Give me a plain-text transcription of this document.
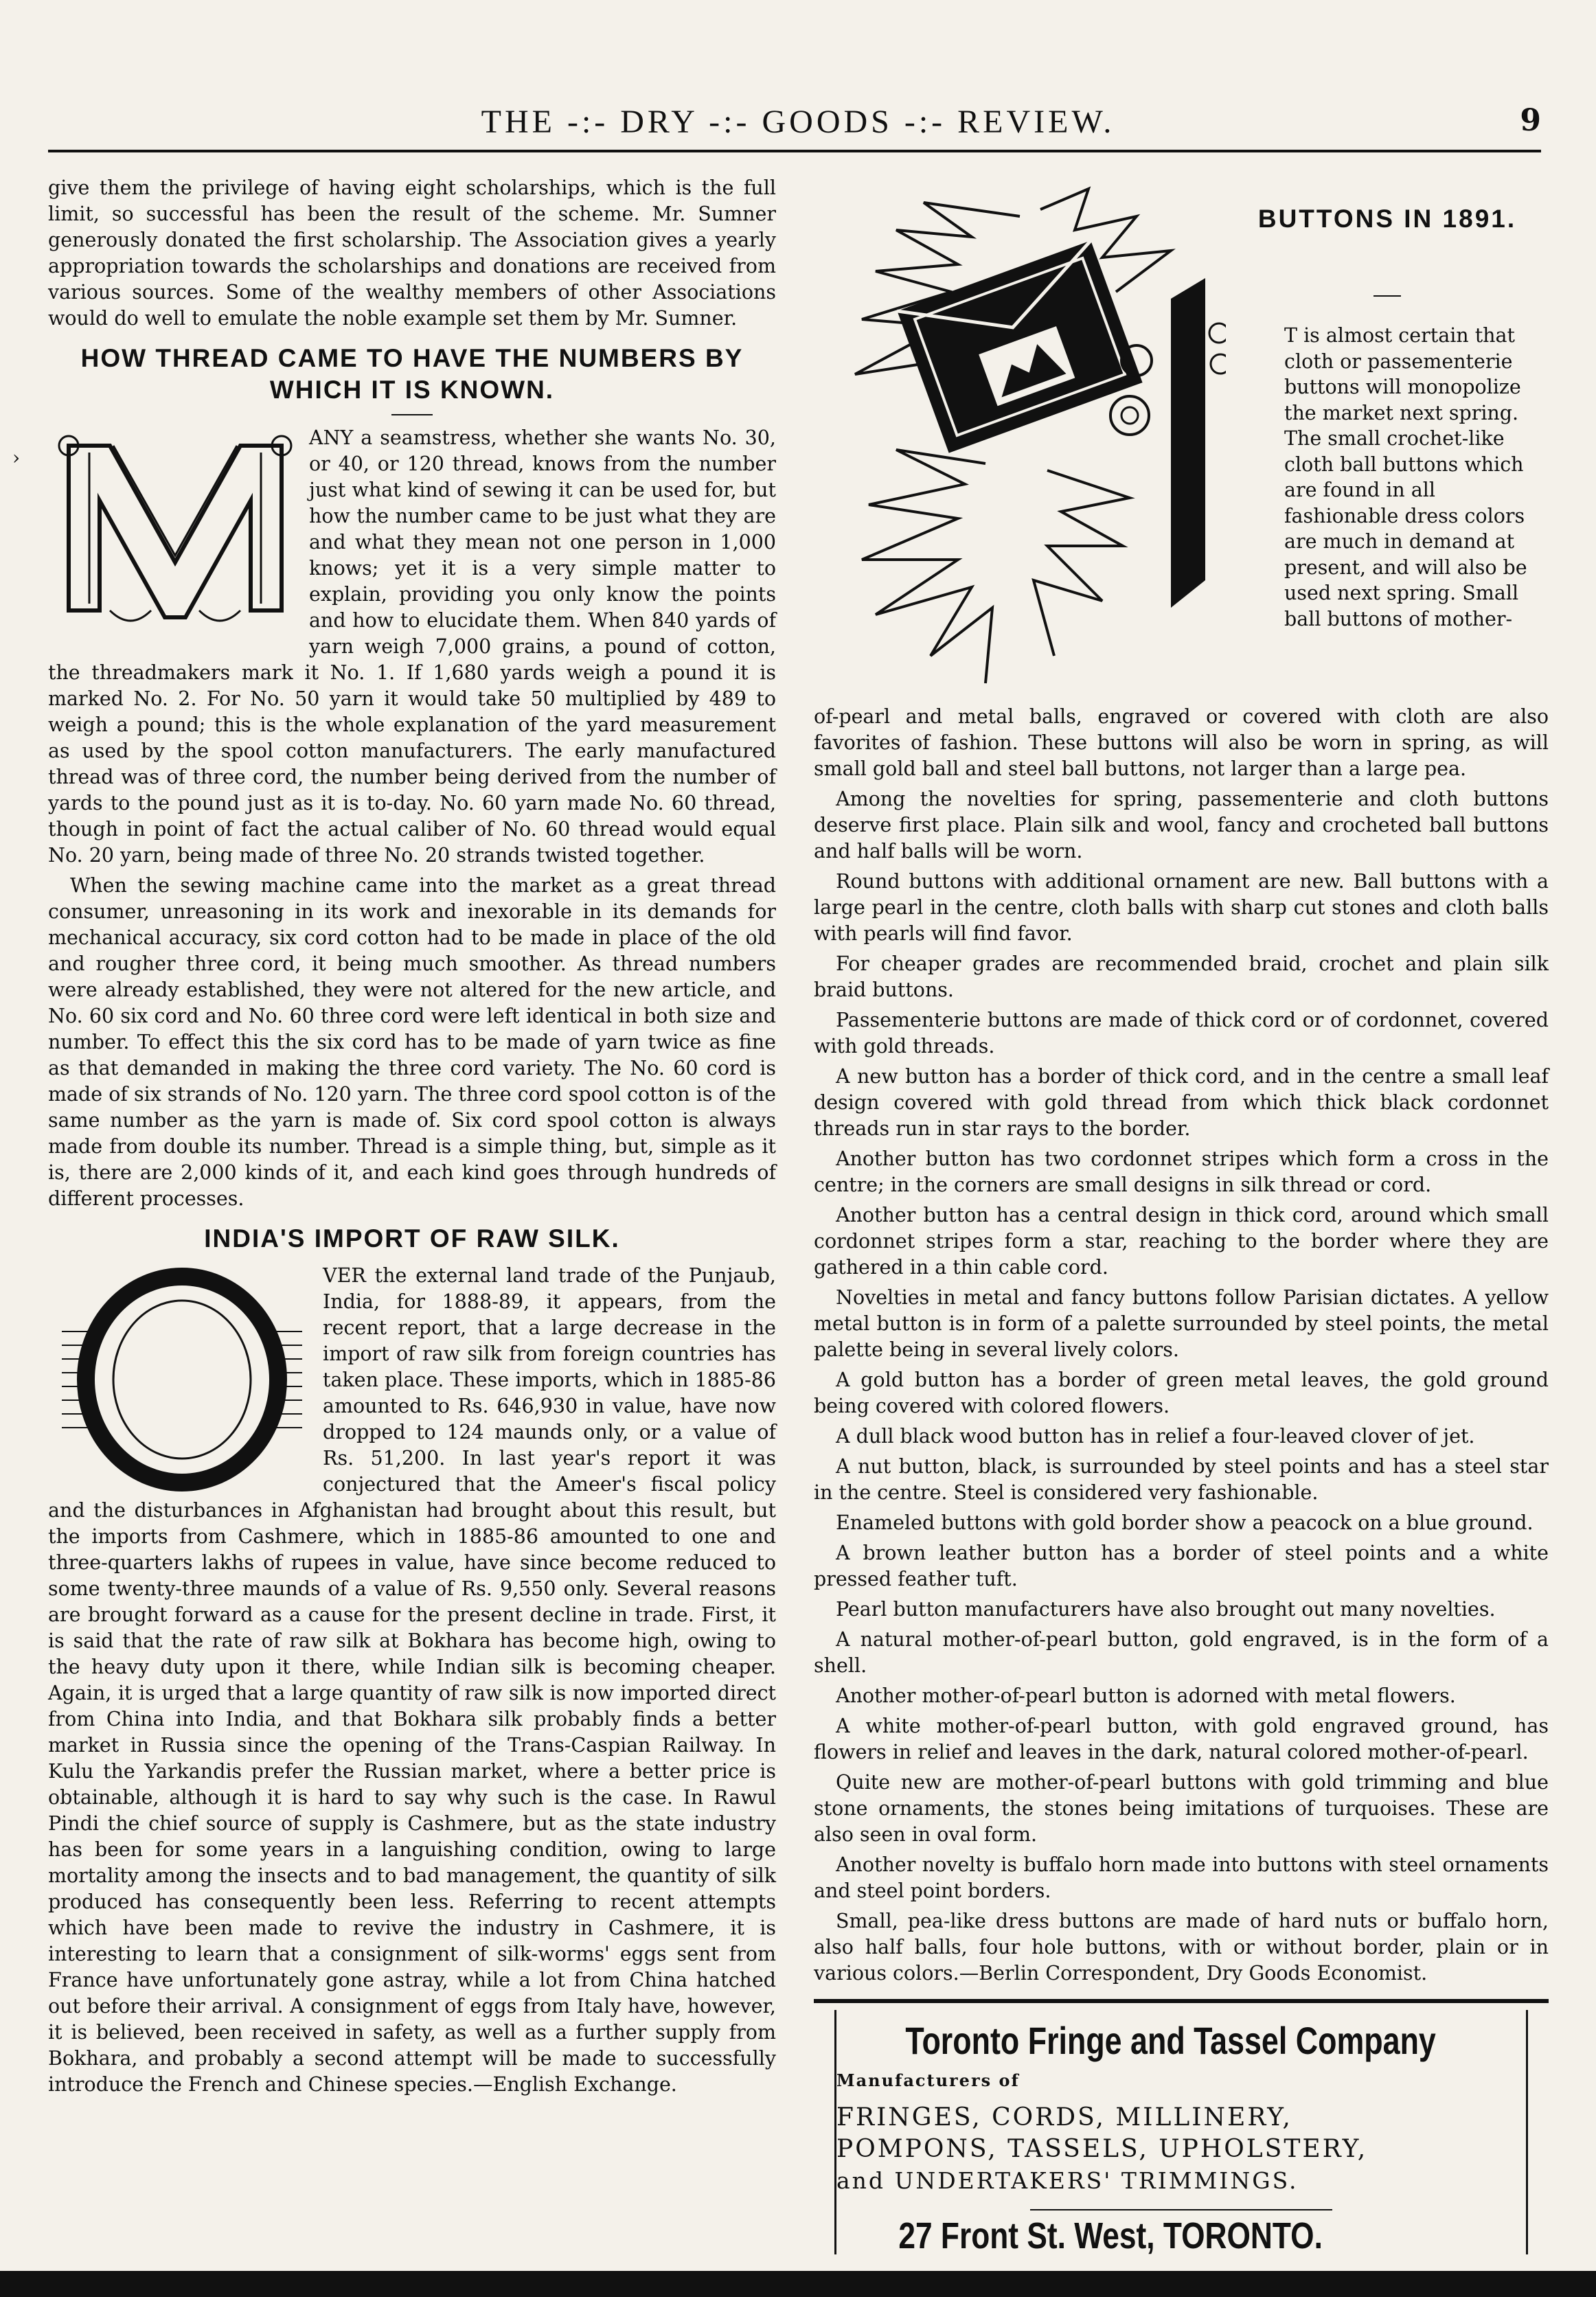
THE -:- DRY -:- GOODS -:- REVIEW.	9
›

give them the privilege of having eight scholarships, which is the full limit, so successful has been the result of the scheme. Mr. Sumner generously donated the first scholarship. The Association gives a yearly appropriation towards the scholarships and donations are received from various sources. Some of the wealthy members of other Associations would do well to emulate the noble example set them by Mr. Sumner.

HOW THREAD CAME TO HAVE THE NUMBERS BY WHICH IT IS KNOWN.

ANY a seamstress, whether she wants No. 30, or 40, or 120 thread, knows from the number just what kind of sewing it can be used for, but how the number came to be just what they are and what they mean not one person in 1,000 knows; yet it is a very simple matter to explain, providing you only know the points and how to elucidate them. When 840 yards of yarn weigh 7,000 grains, a pound of cotton, the threadmakers mark it No. 1. If 1,680 yards weigh a pound it is marked No. 2. For No. 50 yarn it would take 50 multiplied by 489 to weigh a pound; this is the whole explanation of the yard measurement as used by the spool cotton manufacturers. The early manufactured thread was of three cord, the number being derived from the number of yards to the pound just as it is to-day. No. 60 yarn made No. 60 thread, though in point of fact the actual caliber of No. 60 thread would equal No. 20 yarn, being made of three No. 20 strands twisted together.

When the sewing machine came into the market as a great thread consumer, unreasoning in its work and inexorable in its demands for mechanical accuracy, six cord cotton had to be made in place of the old and rougher three cord, it being much smoother. As thread numbers were already established, they were not altered for the new article, and No. 60 six cord and No. 60 three cord were left identical in both size and number. To effect this the six cord has to be made of yarn twice as fine as that demanded in making the three cord variety. The No. 60 cord is made of six strands of No. 120 yarn. The three cord spool cotton is of the same number as the yarn is made of. Six cord spool cotton is always made from double its number. Thread is a simple thing, but, simple as it is, there are 2,000 kinds of it, and each kind goes through hundreds of different processes.

INDIA'S IMPORT OF RAW SILK.

VER the external land trade of the Punjaub, India, for 1888-89, it appears, from the recent report, that a large decrease in the import of raw silk from foreign countries has taken place. These imports, which in 1885-86 amounted to Rs. 646,930 in value, have now dropped to 124 maunds only, or a value of Rs. 51,200. In last year's report it was conjectured that the Ameer's fiscal policy and the disturbances in Afghanistan had brought about this result, but the imports from Cashmere, which in 1885-86 amounted to one and three-quarters lakhs of rupees in value, have since become reduced to some twenty-three maunds of a value of Rs. 9,550 only. Several reasons are brought forward as a cause for the present decline in trade. First, it is said that the rate of raw silk at Bokhara has become high, owing to the heavy duty upon it there, while Indian silk is becoming cheaper. Again, it is urged that a large quantity of raw silk is now imported direct from China into India, and that Bokhara silk probably finds a better market in Russia since the opening of the Trans-Caspian Railway. In Kulu the Yarkandis prefer the Russian market, where a better price is obtainable, although it is hard to say why such is the case. In Rawul Pindi the chief source of supply is Cashmere, but as the state industry has been for some years in a languishing condition, owing to large mortality among the insects and to bad management, the quantity of silk produced has consequently been less. Referring to recent attempts which have been made to revive the industry in Cashmere, it is interesting to learn that a consignment of silk-worms' eggs sent from France have unfortunately gone astray, while a lot from China hatched out before their arrival. A consignment of eggs from Italy have, however, it is believed, been received in safety, as well as a further supply from Bokhara, and probably a second attempt will be made to successfully introduce the French and Chinese species.—English Exchange.

BUTTONS IN 1891.

T is almost certain that cloth or passementerie buttons will monopolize the market next spring. The small crochet-like cloth ball buttons which are found in all fashionable dress colors are much in demand at present, and will also be used next spring. Small ball buttons of mother-

of-pearl and metal balls, engraved or covered with cloth are also favorites of fashion. These buttons will also be worn in spring, as will small gold ball and steel ball buttons, not larger than a large pea.

Among the novelties for spring, passementerie and cloth buttons deserve first place. Plain silk and wool, fancy and crocheted ball buttons and half balls will be worn.

Round buttons with additional ornament are new. Ball buttons with a large pearl in the centre, cloth balls with sharp cut stones and cloth balls with pearls will find favor.

For cheaper grades are recommended braid, crochet and plain silk braid buttons.

Passementerie buttons are made of thick cord or of cordonnet, covered with gold threads.

A new button has a border of thick cord, and in the centre a small leaf design covered with gold thread from which thick black cordonnet threads run in star rays to the border.

Another button has two cordonnet stripes which form a cross in the centre; in the corners are small designs in silk thread or cord.

Another button has a central design in thick cord, around which small cordonnet stripes form a star, reaching to the border where they are gathered in a thin cable cord.

Novelties in metal and fancy buttons follow Parisian dictates. A yellow metal button is in form of a palette surrounded by steel points, the metal palette being in several lively colors.

A gold button has a border of green metal leaves, the gold ground being covered with colored flowers.

A dull black wood button has in relief a four-leaved clover of jet.

A nut button, black, is surrounded by steel points and has a steel star in the centre. Steel is considered very fashionable.

Enameled buttons with gold border show a peacock on a blue ground.

A brown leather button has a border of steel points and a white pressed feather tuft.

Pearl button manufacturers have also brought out many novelties.

A natural mother-of-pearl button, gold engraved, is in the form of a shell.

Another mother-of-pearl button is adorned with metal flowers.

A white mother-of-pearl button, with gold engraved ground, has flowers in relief and leaves in the dark, natural colored mother-of-pearl.

Quite new are mother-of-pearl buttons with gold trimming and blue stone ornaments, the stones being imitations of turquoises. These are also seen in oval form.

Another novelty is buffalo horn made into buttons with steel ornaments and steel point borders.

Small, pea-like dress buttons are made of hard nuts or buffalo horn, also half balls, four hole buttons, with or without border, plain or in various colors.—Berlin Correspondent, Dry Goods Economist.

Toronto Fringe and Tassel Company

Manufacturers of

FRINGES, CORDS, MILLINERY,

POMPONS, TASSELS, UPHOLSTERY,

and UNDERTAKERS' TRIMMINGS.

27 Front St. West, TORONTO.
